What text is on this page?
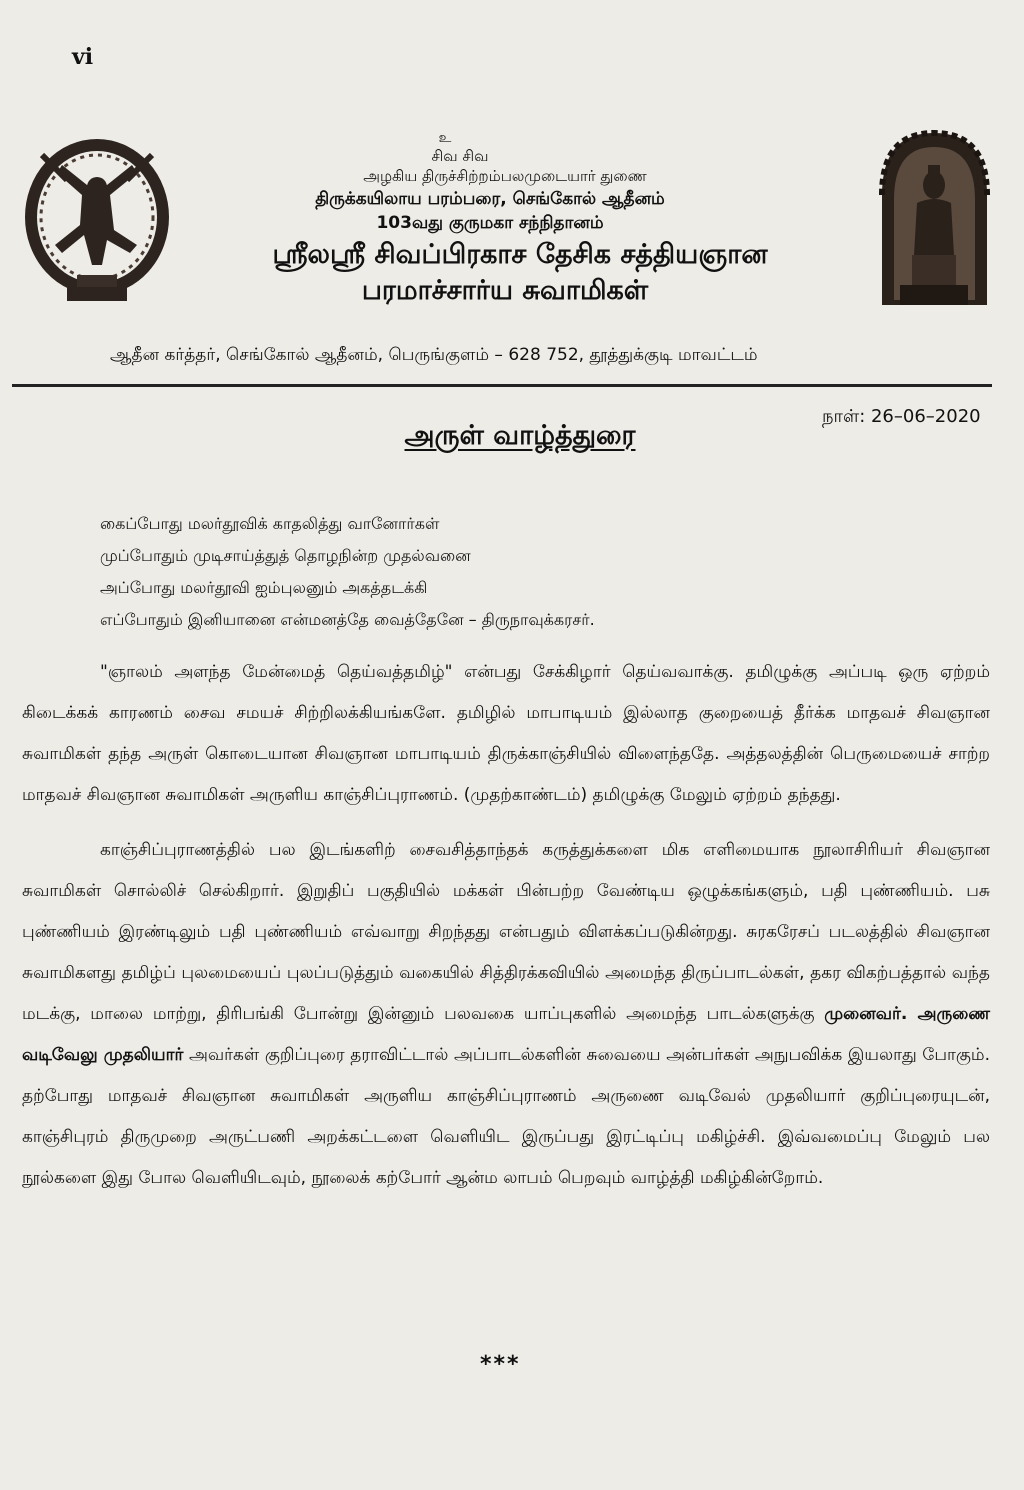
vi
உ
சிவ சிவ
அழகிய திருச்சிற்றம்பலமுடையார் துணை
திருக்கயிலாய பரம்பரை, செங்கோல் ஆதீனம்
103வது குருமகா சந்நிதானம்
ஸ்ரீலஸ்ரீ சிவப்பிரகாச தேசிக சத்தியஞான
பரமாச்சார்ய சுவாமிகள்
ஆதீன கர்த்தர், செங்கோல் ஆதீனம், பெருங்குளம் – 628 752, தூத்துக்குடி மாவட்டம்
நாள்: 26–06–2020
அருள் வாழ்த்துரை
கைப்போது மலர்தூவிக் காதலித்து வானோர்கள்
முப்போதும் முடிசாய்த்துத் தொழநின்ற முதல்வனை
அப்போது மலர்தூவி ஐம்புலனும் அகத்தடக்கி
எப்போதும் இனியானை என்மனத்தே வைத்தேனே – திருநாவுக்கரசர்.

"ஞாலம் அளந்த மேன்மைத் தெய்வத்தமிழ்" என்பது சேக்கிழார் தெய்வவாக்கு. தமிழுக்கு அப்படி ஒரு ஏற்றம் கிடைக்கக் காரணம் சைவ சமயச் சிற்றிலக்கியங்களே. தமிழில் மாபாடியம் இல்லாத குறையைத் தீர்க்க மாதவச் சிவஞான சுவாமிகள் தந்த அருள் கொடையான சிவஞான மாபாடியம் திருக்காஞ்சியில் விளைந்ததே. அத்தலத்தின் பெருமையைச் சாற்ற மாதவச் சிவஞான சுவாமிகள் அருளிய காஞ்சிப்புராணம். (முதற்காண்டம்) தமிழுக்கு மேலும் ஏற்றம் தந்தது.

காஞ்சிப்புராணத்தில் பல இடங்களிற் சைவசித்தாந்தக் கருத்துக்களை மிக எளிமையாக நூலாசிரியர் சிவஞான சுவாமிகள் சொல்லிச் செல்கிறார். இறுதிப் பகுதியில் மக்கள் பின்பற்ற வேண்டிய ஒழுக்கங்களும், பதி புண்ணியம். பசு புண்ணியம் இரண்டிலும் பதி புண்ணியம் எவ்வாறு சிறந்தது என்பதும் விளக்கப்படுகின்றது. சுரகரேசப் படலத்தில் சிவஞான சுவாமிகளது தமிழ்ப் புலமையைப் புலப்படுத்தும் வகையில் சித்திரக்கவியில் அமைந்த திருப்பாடல்கள், தகர விகற்பத்தால் வந்த மடக்கு, மாலை மாற்று, திரிபங்கி போன்று இன்னும் பலவகை யாப்புகளில் அமைந்த பாடல்களுக்கு முனைவர். அருணை வடிவேலு முதலியார் அவர்கள் குறிப்புரை தராவிட்டால் அப்பாடல்களின் சுவையை அன்பர்கள் அநுபவிக்க இயலாது போகும். தற்போது மாதவச் சிவஞான சுவாமிகள் அருளிய காஞ்சிப்புராணம் அருணை வடிவேல் முதலியார் குறிப்புரையுடன், காஞ்சிபுரம் திருமுறை அருட்பணி அறக்கட்டளை வெளியிட இருப்பது இரட்டிப்பு மகிழ்ச்சி. இவ்வமைப்பு மேலும் பல நூல்களை இது போல வெளியிடவும், நூலைக் கற்போர் ஆன்ம லாபம் பெறவும் வாழ்த்தி மகிழ்கின்றோம்.

***
